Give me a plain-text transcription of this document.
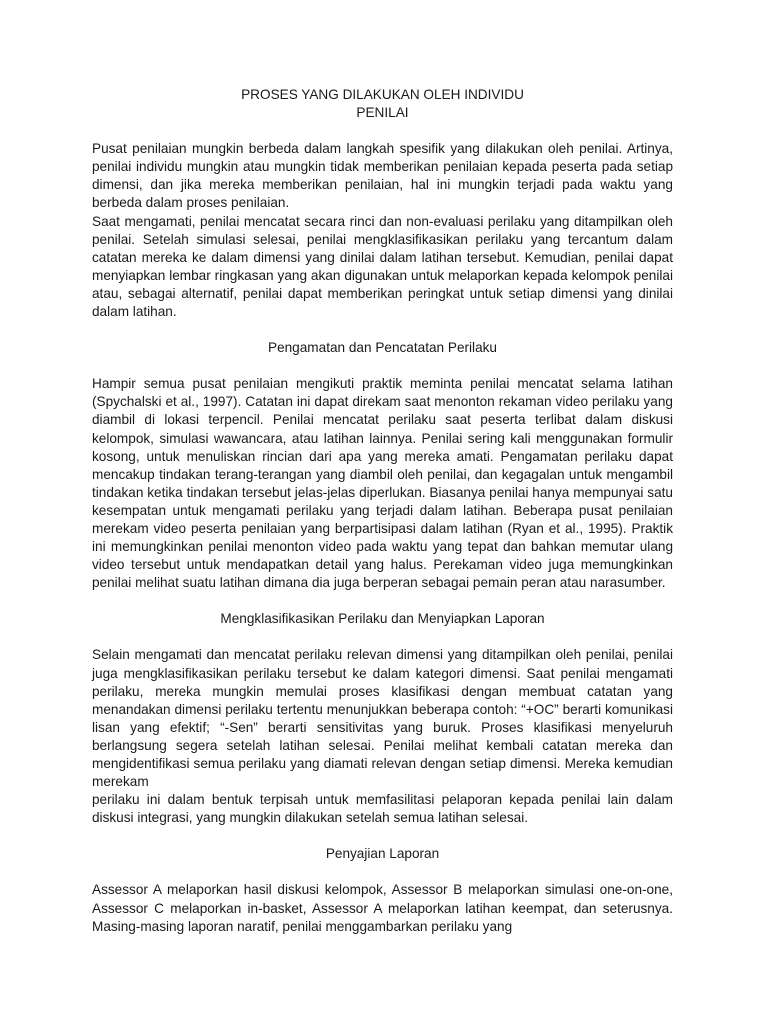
PROSES YANG DILAKUKAN OLEH INDIVIDU
PENILAI

Pusat penilaian mungkin berbeda dalam langkah spesifik yang dilakukan oleh penilai. Artinya, penilai individu mungkin atau mungkin tidak memberikan penilaian kepada peserta pada setiap dimensi, dan jika mereka memberikan penilaian, hal ini mungkin terjadi pada waktu yang berbeda dalam proses penilaian.

Saat mengamati, penilai mencatat secara rinci dan non-evaluasi perilaku yang ditampilkan oleh penilai. Setelah simulasi selesai, penilai mengklasifikasikan perilaku yang tercantum dalam catatan mereka ke dalam dimensi yang dinilai dalam latihan tersebut. Kemudian, penilai dapat menyiapkan lembar ringkasan yang akan digunakan untuk melaporkan kepada kelompok penilai atau, sebagai alternatif, penilai dapat memberikan peringkat untuk setiap dimensi yang dinilai dalam latihan.

Pengamatan dan Pencatatan Perilaku

Hampir semua pusat penilaian mengikuti praktik meminta penilai mencatat selama latihan (Spychalski et al., 1997). Catatan ini dapat direkam saat menonton rekaman video perilaku yang diambil di lokasi terpencil. Penilai mencatat perilaku saat peserta terlibat dalam diskusi kelompok, simulasi wawancara, atau latihan lainnya. Penilai sering kali menggunakan formulir kosong, untuk menuliskan rincian dari apa yang mereka amati. Pengamatan perilaku dapat mencakup tindakan terang-terangan yang diambil oleh penilai, dan kegagalan untuk mengambil tindakan ketika tindakan tersebut jelas-jelas diperlukan. Biasanya penilai hanya mempunyai satu kesempatan untuk mengamati perilaku yang terjadi dalam latihan. Beberapa pusat penilaian merekam video peserta penilaian yang berpartisipasi dalam latihan (Ryan et al., 1995). Praktik ini memungkinkan penilai menonton video pada waktu yang tepat dan bahkan memutar ulang video tersebut untuk mendapatkan detail yang halus. Perekaman video juga memungkinkan penilai melihat suatu latihan dimana dia juga berperan sebagai pemain peran atau narasumber.

Mengklasifikasikan Perilaku dan Menyiapkan Laporan

Selain mengamati dan mencatat perilaku relevan dimensi yang ditampilkan oleh penilai, penilai juga mengklasifikasikan perilaku tersebut ke dalam kategori dimensi. Saat penilai mengamati perilaku, mereka mungkin memulai proses klasifikasi dengan membuat catatan yang menandakan dimensi perilaku tertentu menunjukkan beberapa contoh: “+OC” berarti komunikasi lisan yang efektif; “-Sen” berarti sensitivitas yang buruk. Proses klasifikasi menyeluruh berlangsung segera setelah latihan selesai. Penilai melihat kembali catatan mereka dan mengidentifikasi semua perilaku yang diamati relevan dengan setiap dimensi. Mereka kemudian merekam

perilaku ini dalam bentuk terpisah untuk memfasilitasi pelaporan kepada penilai lain dalam diskusi integrasi, yang mungkin dilakukan setelah semua latihan selesai.

Penyajian Laporan

Assessor A melaporkan hasil diskusi kelompok, Assessor B melaporkan simulasi one-on-one, Assessor C melaporkan in-basket, Assessor A melaporkan latihan keempat, dan seterusnya. Masing-masing laporan naratif, penilai menggambarkan perilaku yang
